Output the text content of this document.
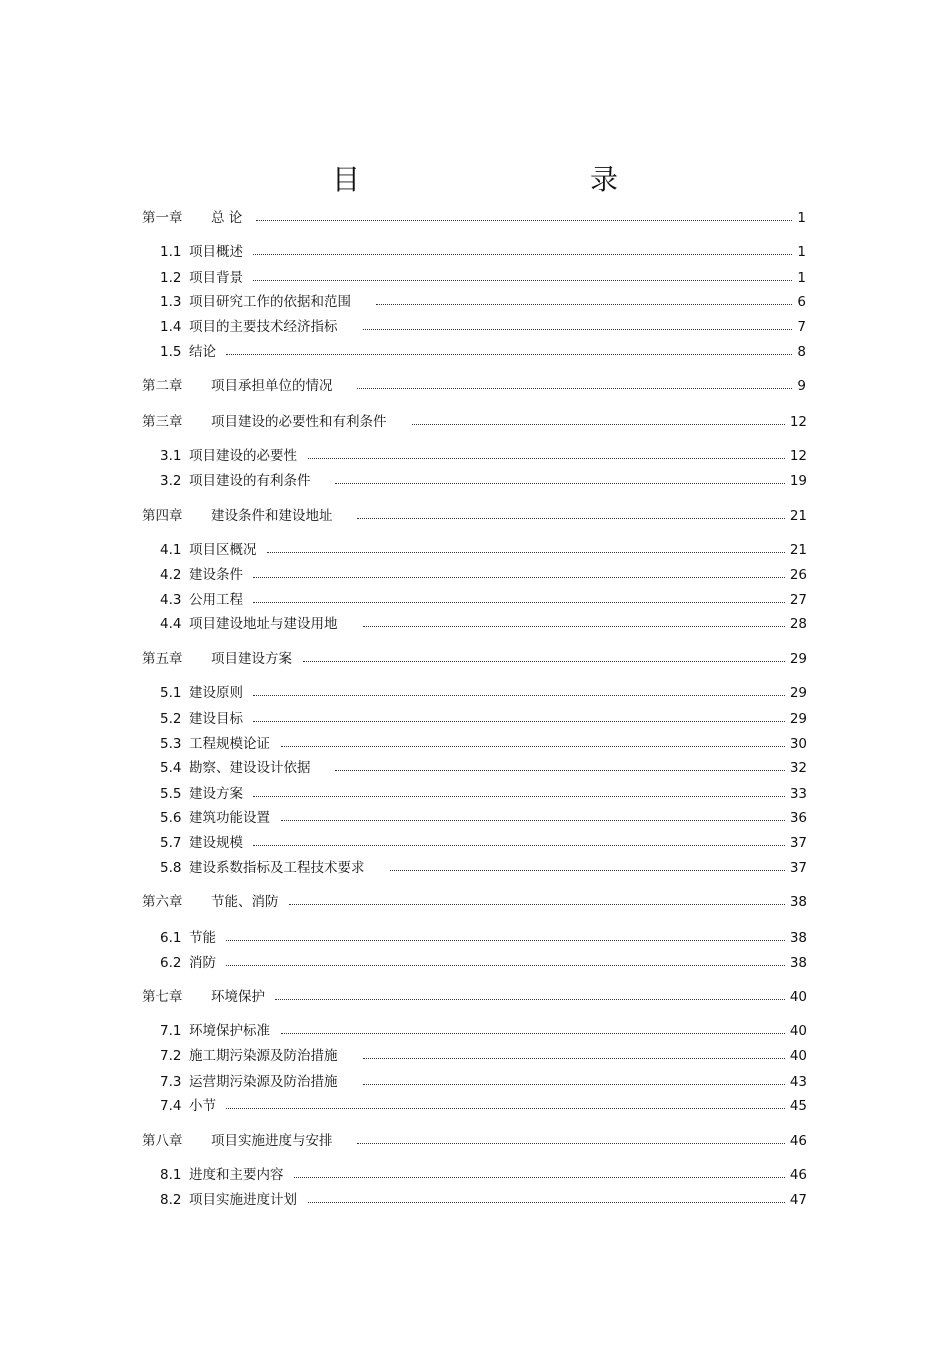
目　　录
第一章 总 论	1
1.1 项目概述	1
1.2 项目背景	1
1.3 项目研究工作的依据和范围	6
1.4 项目的主要技术经济指标	7
1.5 结论	8
第二章 项目承担单位的情况	9
第三章 项目建设的必要性和有利条件	12
3.1 项目建设的必要性	12
3.2 项目建设的有利条件	19
第四章 建设条件和建设地址	21
4.1 项目区概况	21
4.2 建设条件	26
4.3 公用工程	27
4.4 项目建设地址与建设用地	28
第五章 项目建设方案	29
5.1 建设原则	29
5.2 建设目标	29
5.3 工程规模论证	30
5.4 勘察、建设设计依据	32
5.5 建设方案	33
5.6 建筑功能设置	36
5.7 建设规模	37
5.8 建设系数指标及工程技术要求	37
第六章 节能、消防	38
6.1 节能	38
6.2 消防	38
第七章 环境保护	40
7.1 环境保护标准	40
7.2 施工期污染源及防治措施	40
7.3 运营期污染源及防治措施	43
7.4 小节	45
第八章 项目实施进度与安排	46
8.1 进度和主要内容	46
8.2 项目实施进度计划	47
